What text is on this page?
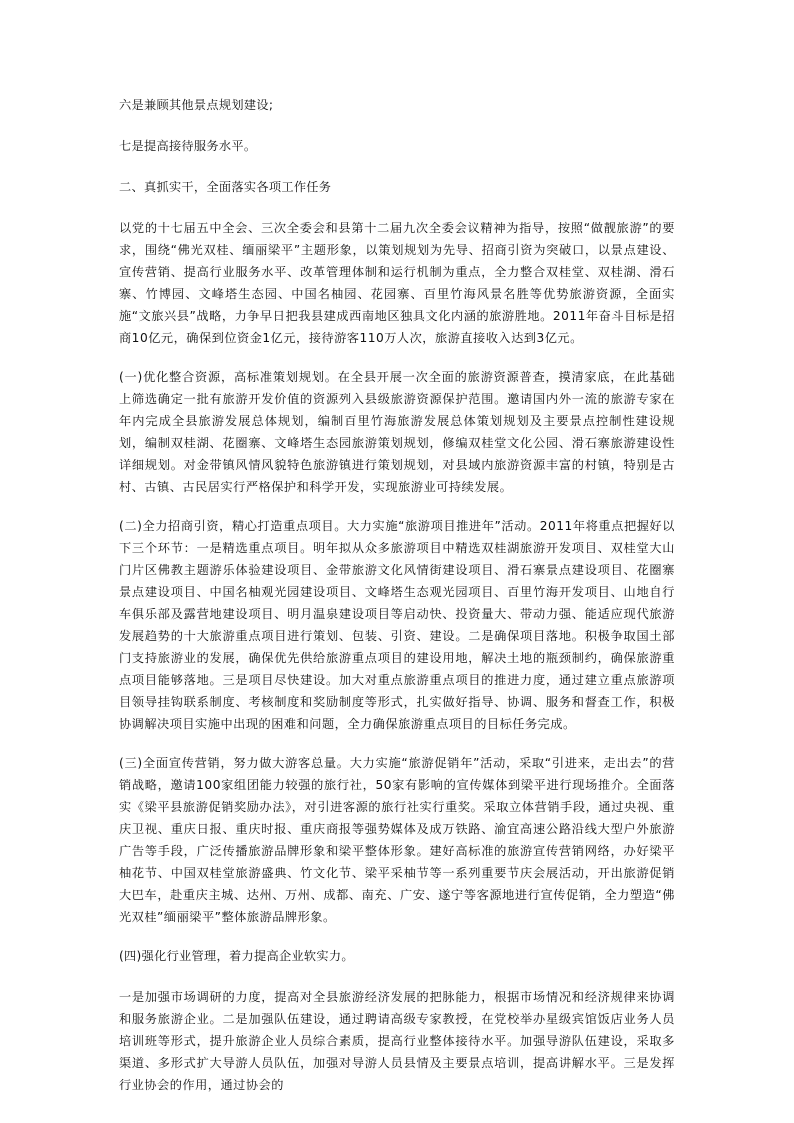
六是兼顾其他景点规划建设;

七是提高接待服务水平。

二、真抓实干，全面落实各项工作任务

以党的十七届五中全会、三次全委会和县第十二届九次全委会议精神为指导，按照“做靓旅游”的要求，围绕“佛光双桂、缅丽梁平”主题形象，以策划规划为先导、招商引资为突破口，以景点建设、宣传营销、提高行业服务水平、改革管理体制和运行机制为重点，全力整合双桂堂、双桂湖、滑石寨、竹博园、文峰塔生态园、中国名柚园、花园寨、百里竹海风景名胜等优势旅游资源，全面实施“文旅兴县”战略，力争早日把我县建成西南地区独具文化内涵的旅游胜地。2011年奋斗目标是招商10亿元，确保到位资金1亿元，接待游客110万人次，旅游直接收入达到3亿元。

(一)优化整合资源，高标准策划规划。在全县开展一次全面的旅游资源普查，摸清家底，在此基础上筛选确定一批有旅游开发价值的资源列入县级旅游资源保护范围。邀请国内外一流的旅游专家在年内完成全县旅游发展总体规划，编制百里竹海旅游发展总体策划规划及主要景点控制性建设规划，编制双桂湖、花圈寨、文峰塔生态园旅游策划规划，修编双桂堂文化公园、滑石寨旅游建设性详细规划。对金带镇风情风貌特色旅游镇进行策划规划，对县域内旅游资源丰富的村镇，特别是古村、古镇、古民居实行严格保护和科学开发，实现旅游业可持续发展。

(二)全力招商引资，精心打造重点项目。大力实施“旅游项目推进年”活动。2011年将重点把握好以下三个环节：一是精选重点项目。明年拟从众多旅游项目中精选双桂湖旅游开发项目、双桂堂大山门片区佛教主题游乐体验建设项目、金带旅游文化风情街建设项目、滑石寨景点建设项目、花圈寨景点建设项目、中国名柚观光园建设项目、文峰塔生态观光园项目、百里竹海开发项目、山地自行车俱乐部及露营地建设项目、明月温泉建设项目等启动快、投资量大、带动力强、能适应现代旅游发展趋势的十大旅游重点项目进行策划、包装、引资、建设。二是确保项目落地。积极争取国土部门支持旅游业的发展，确保优先供给旅游重点项目的建设用地，解决土地的瓶颈制约，确保旅游重点项目能够落地。三是项目尽快建设。加大对重点旅游重点项目的推进力度，通过建立重点旅游项目领导挂钩联系制度、考核制度和奖励制度等形式，扎实做好指导、协调、服务和督查工作，积极协调解决项目实施中出现的困难和问题，全力确保旅游重点项目的目标任务完成。

(三)全面宣传营销，努力做大游客总量。大力实施“旅游促销年”活动，采取“引进来，走出去”的营销战略，邀请100家组团能力较强的旅行社，50家有影响的宣传媒体到梁平进行现场推介。全面落实《梁平县旅游促销奖励办法》，对引进客源的旅行社实行重奖。采取立体营销手段，通过央视、重庆卫视、重庆日报、重庆时报、重庆商报等强势媒体及成万铁路、渝宜高速公路沿线大型户外旅游广告等手段，广泛传播旅游品牌形象和梁平整体形象。建好高标准的旅游宣传营销网络，办好梁平柚花节、中国双桂堂旅游盛典、竹文化节、梁平采柚节等一系列重要节庆会展活动，开出旅游促销大巴车，赴重庆主城、达州、万州、成都、南充、广安、遂宁等客源地进行宣传促销，全力塑造“佛光双桂”缅丽梁平”整体旅游品牌形象。

(四)强化行业管理，着力提高企业软实力。

一是加强市场调研的力度，提高对全县旅游经济发展的把脉能力，根据市场情况和经济规律来协调和服务旅游企业。二是加强队伍建设，通过聘请高级专家教授，在党校举办星级宾馆饭店业务人员培训班等形式，提升旅游企业人员综合素质，提高行业整体接待水平。加强导游队伍建设，采取多渠道、多形式扩大导游人员队伍，加强对导游人员县情及主要景点培训，提高讲解水平。三是发挥行业协会的作用，通过协会的
